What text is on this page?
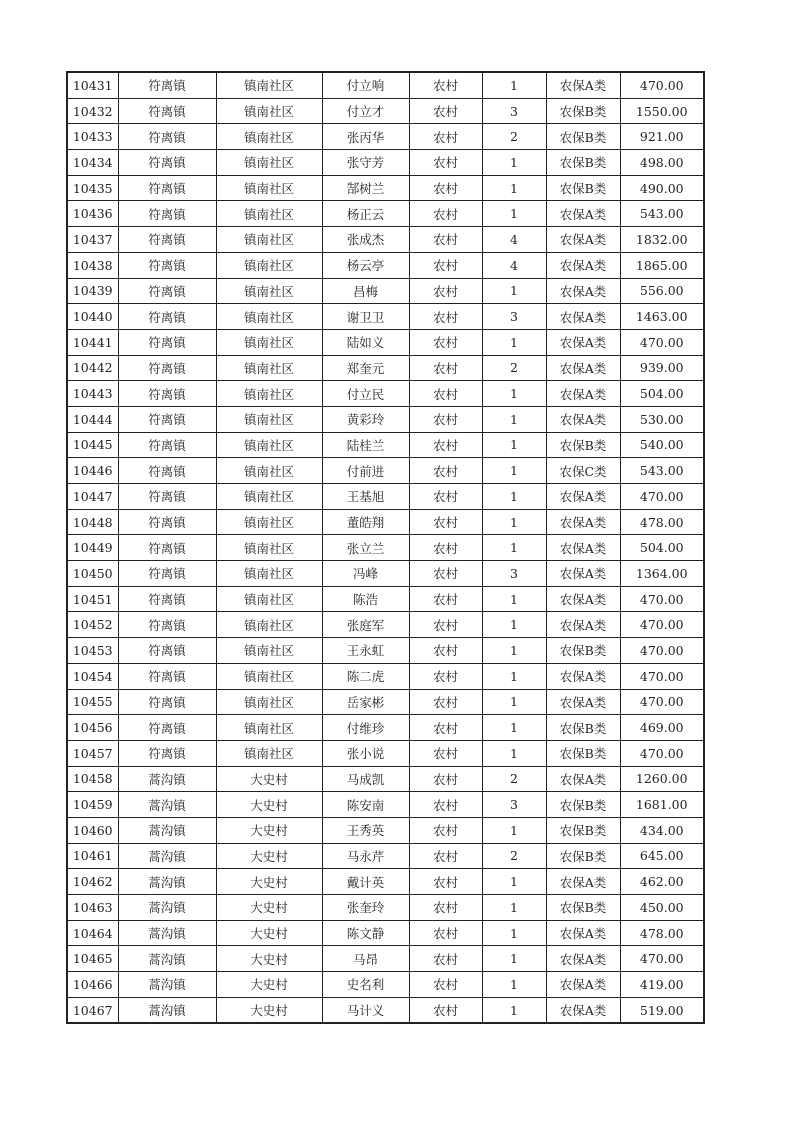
10431	符离镇	镇南社区	付立响	农村	1	农保A类	470.00
10432	符离镇	镇南社区	付立才	农村	3	农保B类	1550.00
10433	符离镇	镇南社区	张丙华	农村	2	农保B类	921.00
10434	符离镇	镇南社区	张守芳	农村	1	农保B类	498.00
10435	符离镇	镇南社区	郜树兰	农村	1	农保B类	490.00
10436	符离镇	镇南社区	杨正云	农村	1	农保A类	543.00
10437	符离镇	镇南社区	张成杰	农村	4	农保A类	1832.00
10438	符离镇	镇南社区	杨云亭	农村	4	农保A类	1865.00
10439	符离镇	镇南社区	昌梅	农村	1	农保A类	556.00
10440	符离镇	镇南社区	谢卫卫	农村	3	农保A类	1463.00
10441	符离镇	镇南社区	陆如义	农村	1	农保A类	470.00
10442	符离镇	镇南社区	郑奎元	农村	2	农保A类	939.00
10443	符离镇	镇南社区	付立民	农村	1	农保A类	504.00
10444	符离镇	镇南社区	黄彩玲	农村	1	农保A类	530.00
10445	符离镇	镇南社区	陆桂兰	农村	1	农保B类	540.00
10446	符离镇	镇南社区	付前进	农村	1	农保C类	543.00
10447	符离镇	镇南社区	王基旭	农村	1	农保A类	470.00
10448	符离镇	镇南社区	董皓翔	农村	1	农保A类	478.00
10449	符离镇	镇南社区	张立兰	农村	1	农保A类	504.00
10450	符离镇	镇南社区	冯峰	农村	3	农保A类	1364.00
10451	符离镇	镇南社区	陈浩	农村	1	农保A类	470.00
10452	符离镇	镇南社区	张庭军	农村	1	农保A类	470.00
10453	符离镇	镇南社区	王永虹	农村	1	农保B类	470.00
10454	符离镇	镇南社区	陈二虎	农村	1	农保A类	470.00
10455	符离镇	镇南社区	岳家彬	农村	1	农保A类	470.00
10456	符离镇	镇南社区	付维珍	农村	1	农保B类	469.00
10457	符离镇	镇南社区	张小说	农村	1	农保B类	470.00
10458	蒿沟镇	大史村	马成凯	农村	2	农保A类	1260.00
10459	蒿沟镇	大史村	陈安南	农村	3	农保B类	1681.00
10460	蒿沟镇	大史村	王秀英	农村	1	农保B类	434.00
10461	蒿沟镇	大史村	马永芹	农村	2	农保B类	645.00
10462	蒿沟镇	大史村	戴计英	农村	1	农保A类	462.00
10463	蒿沟镇	大史村	张奎玲	农村	1	农保B类	450.00
10464	蒿沟镇	大史村	陈文静	农村	1	农保A类	478.00
10465	蒿沟镇	大史村	马昂	农村	1	农保A类	470.00
10466	蒿沟镇	大史村	史名利	农村	1	农保A类	419.00
10467	蒿沟镇	大史村	马计义	农村	1	农保A类	519.00
